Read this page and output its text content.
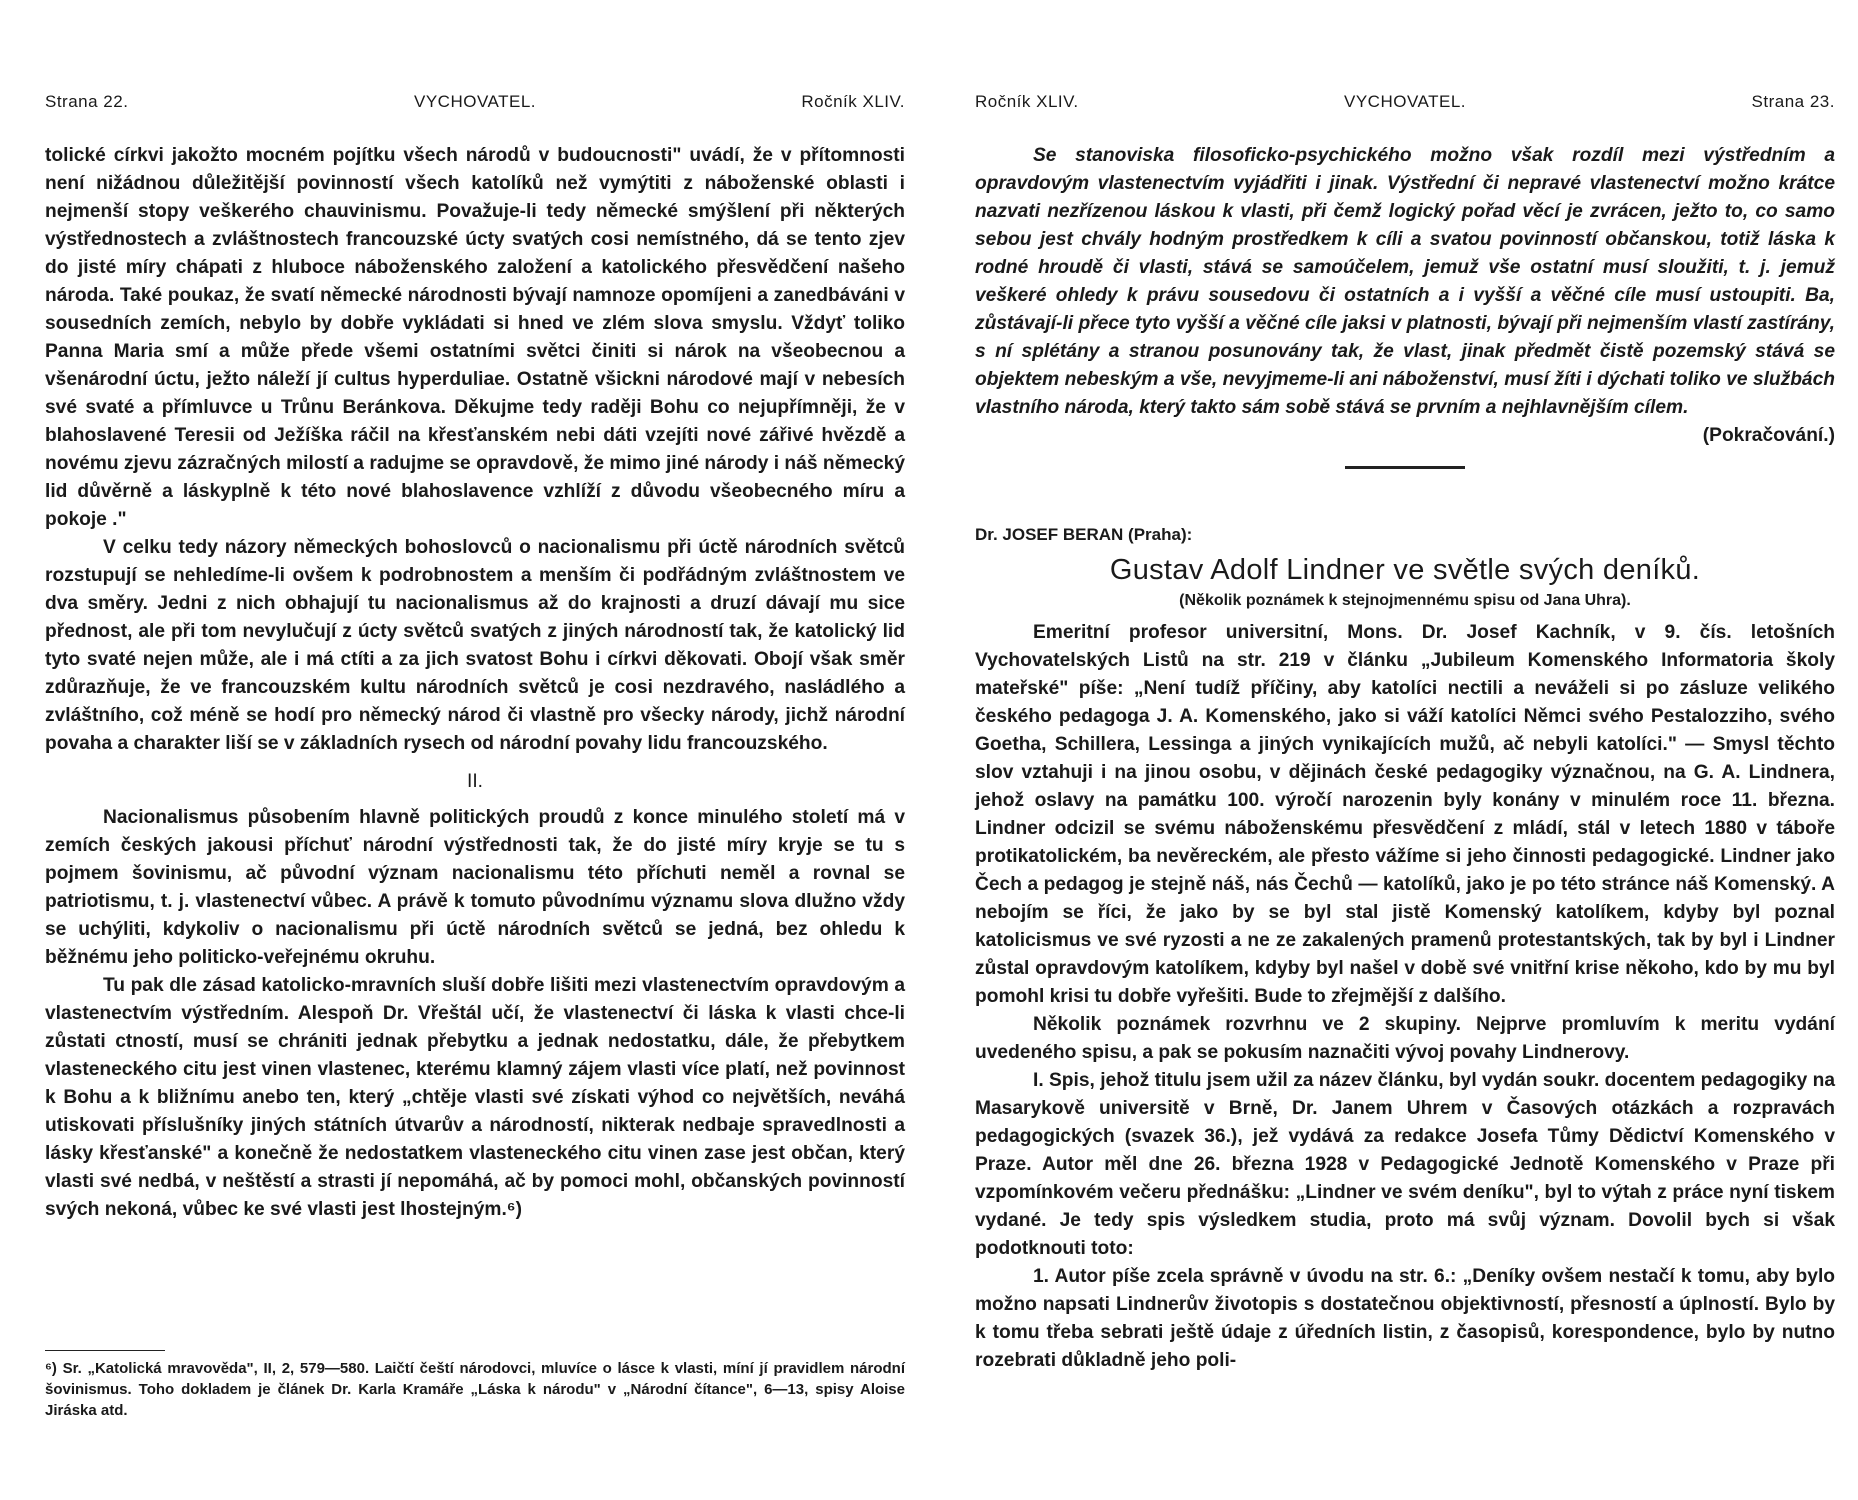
Strana 22.	VYCHOVATEL.	Ročník XLIV.

tolické církvi jakožto mocném pojítku všech národů v budoucnosti" uvádí, že v přítomnosti není nižádnou důležitější povinností všech katolíků než vymýtiti z náboženské oblasti i nejmenší stopy veškerého chauvinismu. Považuje-li tedy německé smýšlení při některých výstřednostech a zvláštnostech francouzské úcty svatých cosi nemístného, dá se tento zjev do jisté míry chápati z hluboce náboženského založení a katolického přesvědčení našeho národa. Také poukaz, že svatí německé národnosti bývají namnoze opomíjeni a zanedbáváni v sousedních zemích, nebylo by dobře vykládati si hned ve zlém slova smyslu. Vždyť toliko Panna Maria smí a může přede všemi ostatními světci činiti si nárok na všeobecnou a všenárodní úctu, ježto náleží jí cultus hyperduliae. Ostatně všickni národové mají v nebesích své svaté a přímluvce u Trůnu Beránkova. Děkujme tedy raději Bohu co nejupřímněji, že v blahoslavené Teresii od Ježíška ráčil na křesťanském nebi dáti vzejíti nové zářivé hvězdě a novému zjevu zázračných milostí a radujme se opravdově, že mimo jiné národy i náš německý lid důvěrně a láskyplně k této nové blahoslavence vzhlíží z důvodu všeobecného míru a pokoje ."

V celku tedy názory německých bohoslovců o nacionalismu při úctě národních světců rozstupují se nehledíme-li ovšem k podrobnostem a menším či podřádným zvláštnostem ve dva směry. Jedni z nich obhajují tu nacionalismus až do krajnosti a druzí dávají mu sice přednost, ale při tom nevylučují z úcty světců svatých z jiných národností tak, že katolický lid tyto svaté nejen může, ale i má ctíti a za jich svatost Bohu i církvi děkovati. Obojí však směr zdůrazňuje, že ve francouzském kultu národních světců je cosi nezdravého, nasládlého a zvláštního, což méně se hodí pro německý národ či vlastně pro všecky národy, jichž národní povaha a charakter liší se v základních rysech od národní povahy lidu francouzského.

II.

Nacionalismus působením hlavně politických proudů z konce minulého století má v zemích českých jakousi příchuť národní výstřednosti tak, že do jisté míry kryje se tu s pojmem šovinismu, ač původní význam nacionalismu této příchuti neměl a rovnal se patriotismu, t. j. vlastenectví vůbec. A právě k tomuto původnímu významu slova dlužno vždy se uchýliti, kdykoliv o nacionalismu při úctě národních světců se jedná, bez ohledu k běžnému jeho politicko-veřejnému okruhu.

Tu pak dle zásad katolicko-mravních sluší dobře lišiti mezi vlastenectvím opravdovým a vlastenectvím výstředním. Alespoň Dr. Vřeštál učí, že vlastenectví či láska k vlasti chce-li zůstati ctností, musí se chrániti jednak přebytku a jednak nedostatku, dále, že přebytkem vlasteneckého citu jest vinen vlastenec, kterému klamný zájem vlasti více platí, než povinnost k Bohu a k bližnímu anebo ten, který „chtěje vlasti své získati výhod co největších, neváhá utiskovati příslušníky jiných státních útvarův a národností, nikterak nedbaje spravedlnosti a lásky křesťanské" a konečně že nedostatkem vlasteneckého citu vinen zase jest občan, který vlasti své nedbá, v neštěstí a strasti jí nepomáhá, ač by pomoci mohl, občanských povinností svých nekoná, vůbec ke své vlasti jest lhostejným.⁶)

⁶) Sr. „Katolická mravověda", II, 2, 579—580. Laičtí čeští národovci, mluvíce o lásce k vlasti, míní jí pravidlem národní šovinismus. Toho dokladem je článek Dr. Karla Kramáře „Láska k národu" v „Národní čítance", 6—13, spisy Aloise Jiráska atd.
Ročník XLIV.	VYCHOVATEL.	Strana 23.

Se stanoviska filosoficko-psychického možno však rozdíl mezi výstředním a opravdovým vlastenectvím vyjádřiti i jinak. Výstřední či nepravé vlastenectví možno krátce nazvati nezřízenou láskou k vlasti, při čemž logický pořad věcí je zvrácen, ježto to, co samo sebou jest chvály hodným prostředkem k cíli a svatou povinností občanskou, totiž láska k rodné hroudě či vlasti, stává se samoúčelem, jemuž vše ostatní musí sloužiti, t. j. jemuž veškeré ohledy k právu sousedovu či ostatních a i vyšší a věčné cíle musí ustoupiti. Ba, zůstávají-li přece tyto vyšší a věčné cíle jaksi v platnosti, bývají při nejmenším vlastí zastírány, s ní splétány a stranou posunovány tak, že vlast, jinak předmět čistě pozemský stává se objektem nebeským a vše, nevyjmeme-li ani náboženství, musí žíti i dýchati toliko ve službách vlastního národa, který takto sám sobě stává se prvním a nejhlavnějším cílem.

(Pokračování.)

Dr. JOSEF BERAN (Praha):

Gustav Adolf Lindner ve světle svých deníků.

(Několik poznámek k stejnojmennému spisu od Jana Uhra).

Emeritní profesor universitní, Mons. Dr. Josef Kachník, v 9. čís. letošních Vychovatelských Listů na str. 219 v článku „Jubileum Komenského Informatoria školy mateřské" píše: „Není tudíž příčiny, aby katolíci nectili a neváželi si po zásluze velikého českého pedagoga J. A. Komenského, jako si váží katolíci Němci svého Pestalozziho, svého Goetha, Schillera, Lessinga a jiných vynikajících mužů, ač nebyli katolíci." — Smysl těchto slov vztahuji i na jinou osobu, v dějinách české pedagogiky význačnou, na G. A. Lindnera, jehož oslavy na památku 100. výročí narozenin byly konány v minulém roce 11. března. Lindner odcizil se svému náboženskému přesvědčení z mládí, stál v letech 1880 v táboře protikatolickém, ba nevěreckém, ale přesto vážíme si jeho činnosti pedagogické. Lindner jako Čech a pedagog je stejně náš, nás Čechů — katolíků, jako je po této stránce náš Komenský. A nebojím se říci, že jako by se byl stal jistě Komenský katolíkem, kdyby byl poznal katolicismus ve své ryzosti a ne ze zakalených pramenů protestantských, tak by byl i Lindner zůstal opravdovým katolíkem, kdyby byl našel v době své vnitřní krise někoho, kdo by mu byl pomohl krisi tu dobře vyřešiti. Bude to zřejmější z dalšího.

Několik poznámek rozvrhnu ve 2 skupiny. Nejprve promluvím k meritu vydání uvedeného spisu, a pak se pokusím naznačiti vývoj povahy Lindnerovy.

I. Spis, jehož titulu jsem užil za název článku, byl vydán soukr. docentem pedagogiky na Masarykově universitě v Brně, Dr. Janem Uhrem v Časových otázkách a rozpravách pedagogických (svazek 36.), jež vydává za redakce Josefa Tůmy Dědictví Komenského v Praze. Autor měl dne 26. března 1928 v Pedagogické Jednotě Komenského v Praze při vzpomínkovém večeru přednášku: „Lindner ve svém deníku", byl to výtah z práce nyní tiskem vydané. Je tedy spis výsledkem studia, proto má svůj význam. Dovolil bych si však podotknouti toto:

1. Autor píše zcela správně v úvodu na str. 6.: „Deníky ovšem nestačí k tomu, aby bylo možno napsati Lindnerův životopis s dostatečnou objektivností, přesností a úplností. Bylo by k tomu třeba sebrati ještě údaje z úředních listin, z časopisů, korespondence, bylo by nutno rozebrati důkladně jeho poli-
